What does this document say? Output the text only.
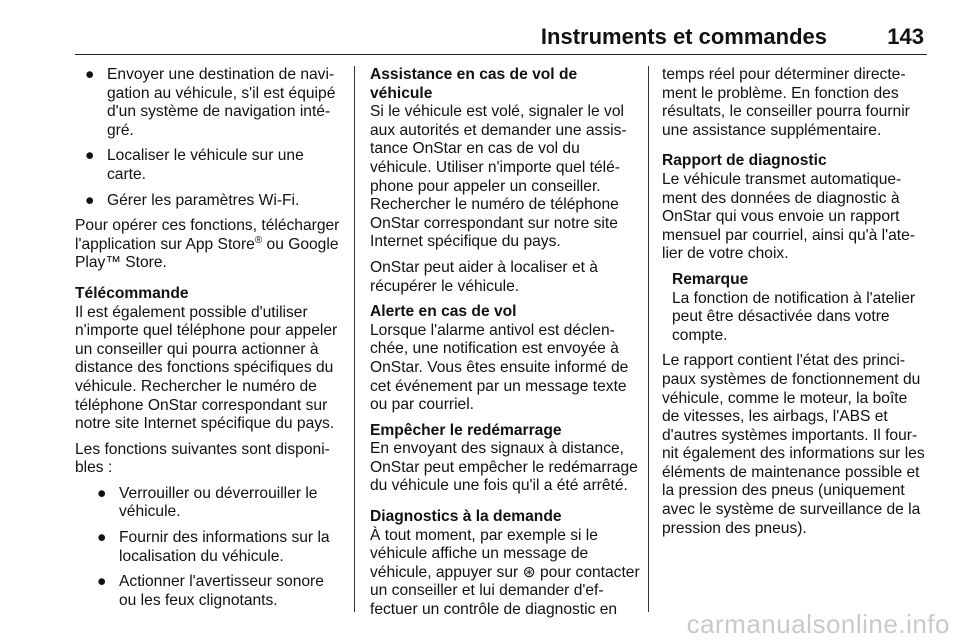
Instruments et commandes	143
● Envoyer une destination de navigation au véhicule, s'il est équipé d'un système de navigation intégré.
● Localiser le véhicule sur une carte.
● Gérer les paramètres Wi-Fi.

Pour opérer ces fonctions, télécharger l'application sur App Store® ou Google Play™ Store.

Télécommande

Il est également possible d'utiliser n'importe quel téléphone pour appeler un conseiller qui pourra actionner à distance des fonctions spécifiques du véhicule. Rechercher le numéro de téléphone OnStar correspondant sur notre site Internet spécifique du pays.

Les fonctions suivantes sont disponibles :

● Verrouiller ou déverrouiller le véhicule.
● Fournir des informations sur la localisation du véhicule.
● Actionner l'avertisseur sonore ou les feux clignotants.
Assistance en cas de vol de véhicule

Si le véhicule est volé, signaler le vol aux autorités et demander une assistance OnStar en cas de vol du véhicule. Utiliser n'importe quel téléphone pour appeler un conseiller. Rechercher le numéro de téléphone OnStar correspondant sur notre site Internet spécifique du pays.

OnStar peut aider à localiser et à récupérer le véhicule.

Alerte en cas de vol

Lorsque l'alarme antivol est déclenchée, une notification est envoyée à OnStar. Vous êtes ensuite informé de cet événement par un message texte ou par courriel.

Empêcher le redémarrage

En envoyant des signaux à distance, OnStar peut empêcher le redémarrage du véhicule une fois qu'il a été arrêté.

Diagnostics à la demande

À tout moment, par exemple si le véhicule affiche un message de véhicule, appuyer sur ⊛ pour contacter un conseiller et lui demander d'effectuer un contrôle de diagnostic en

temps réel pour déterminer directement le problème. En fonction des résultats, le conseiller pourra fournir une assistance supplémentaire.

Rapport de diagnostic

Le véhicule transmet automatiquement des données de diagnostic à OnStar qui vous envoie un rapport mensuel par courriel, ainsi qu'à l'atelier de votre choix.

Remarque
La fonction de notification à l'atelier peut être désactivée dans votre compte.

Le rapport contient l'état des principaux systèmes de fonctionnement du véhicule, comme le moteur, la boîte de vitesses, les airbags, l'ABS et d'autres systèmes importants. Il fournit également des informations sur les éléments de maintenance possible et la pression des pneus (uniquement avec le système de surveillance de la pression des pneus).

carmanualsonline.info
